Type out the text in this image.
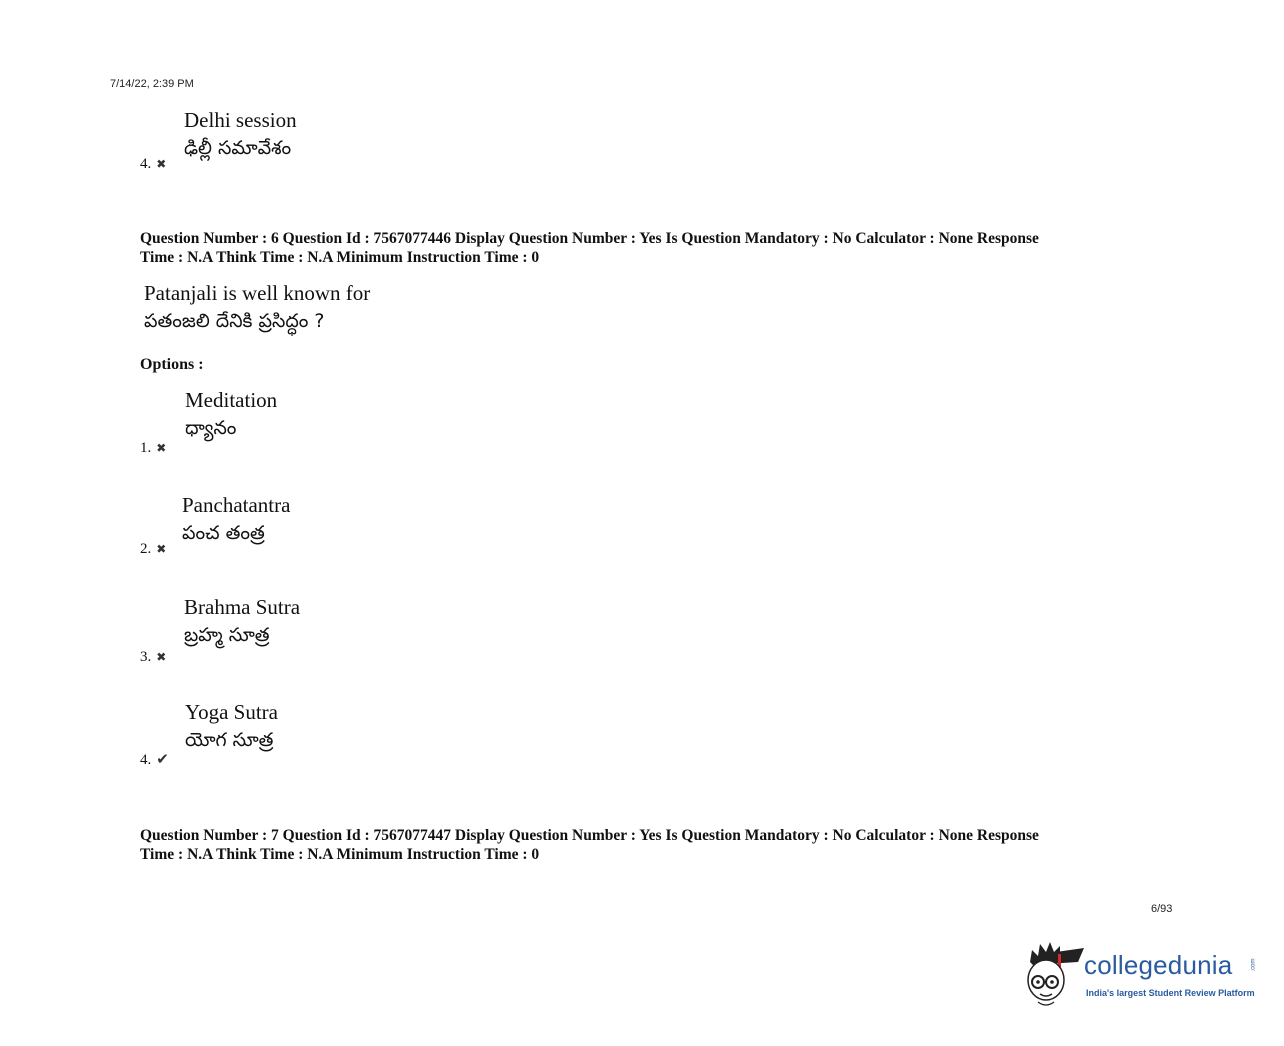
7/14/22, 2:39 PM
Delhi session
ఢిల్లీ సమావేశం
4. ✖
Question Number : 6 Question Id : 7567077446 Display Question Number : Yes Is Question Mandatory : No Calculator : None Response
Time : N.A Think Time : N.A Minimum Instruction Time : 0
Patanjali is well known for
పతంజలి దేనికి ప్రసిద్ధం ?
Options :
Meditation
ధ్యానం
1. ✖
Panchatantra
పంచ తంత్ర
2. ✖
Brahma Sutra
బ్రహ్మ సూత్ర
3. ✖
Yoga Sutra
యోగ సూత్ర
4. ✔
Question Number : 7 Question Id : 7567077447 Display Question Number : Yes Is Question Mandatory : No Calculator : None Response
Time : N.A Think Time : N.A Minimum Instruction Time : 0
6/93
collegedunia	.com
India's largest Student Review Platform
